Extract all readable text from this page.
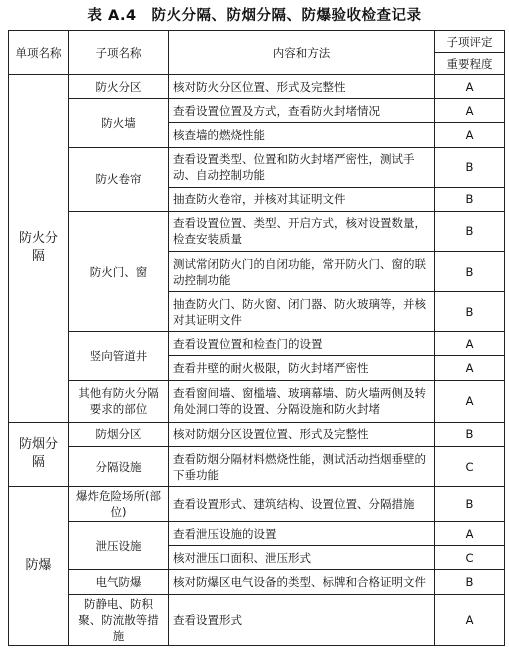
表 A.4　防火分隔、防烟分隔、防爆验收检查记录
单项名称	子项名称	内容和方法	子项评定
			重要程度
防火分隔	防火分区	核对防火分区位置、形式及完整性	A
	防火墙	查看设置位置及方式，查看防火封堵情况	A
		核查墙的燃烧性能	A
	防火卷帘	查看设置类型、位置和防火封堵严密性，测试手动、自动控制功能	B
		抽查防火卷帘，并核对其证明文件	B
	防火门、窗	查看设置位置、类型、开启方式，核对设置数量，检查安装质量	B
		测试常闭防火门的自闭功能，常开防火门、窗的联动控制功能	B
		抽查防火门、防火窗、闭门器、防火玻璃等，并核对其证明文件	B
	竖向管道井	查看设置位置和检查门的设置	A
		查看井壁的耐火极限，防火封堵严密性	A
	其他有防火分隔要求的部位	查看窗间墙、窗槛墙、玻璃幕墙、防火墙两侧及转角处洞口等的设置、分隔设施和防火封堵	A
防烟分隔	防烟分区	核对防烟分区设置位置、形式及完整性	B
	分隔设施	查看防烟分隔材料燃烧性能，测试活动挡烟垂壁的下垂功能	C
防爆	爆炸危险场所(部位)	查看设置形式、建筑结构、设置位置、分隔措施	B
	泄压设施	查看泄压设施的设置	A
		核对泄压口面积、泄压形式	C
	电气防爆	核对防爆区电气设备的类型、标牌和合格证明文件	B
	防静电、防积聚、防流散等措施	查看设置形式	A
